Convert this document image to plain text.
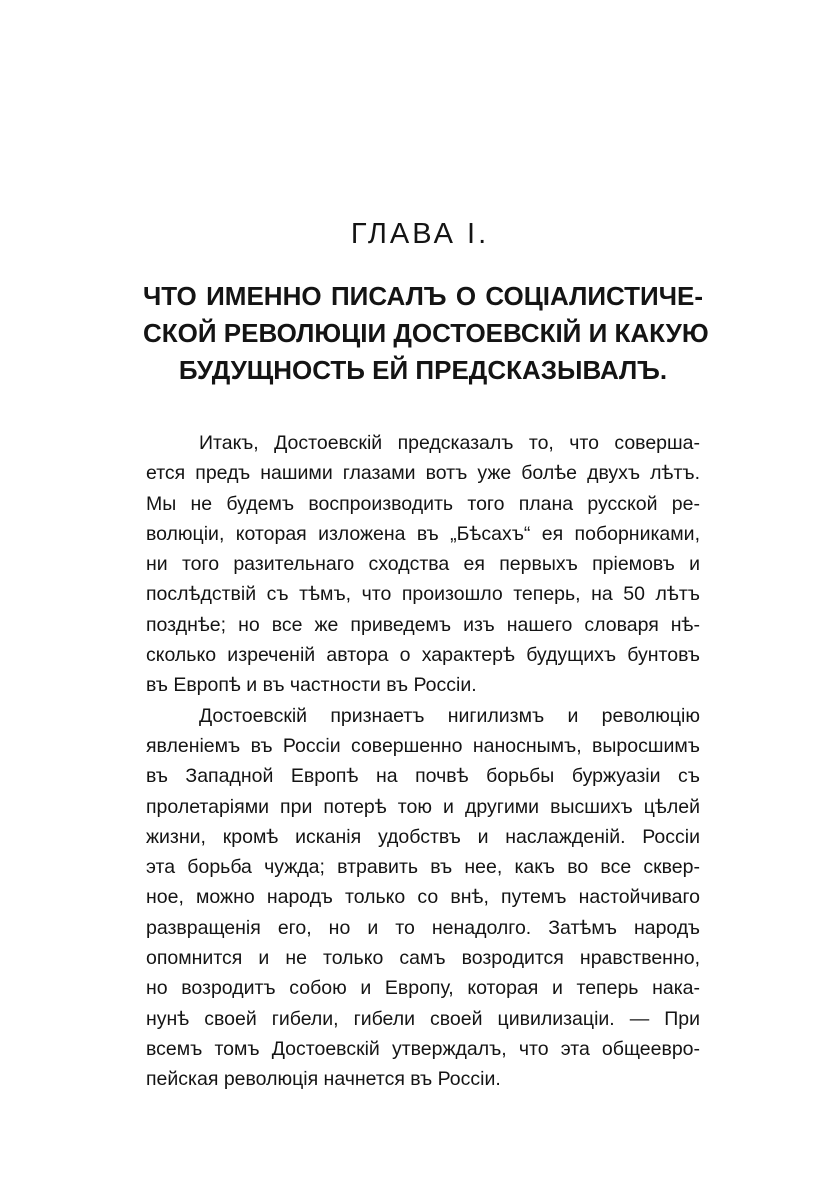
ГЛАВА І.
ЧТО ИМЕННО ПИСАЛЪ О СОЦІАЛИСТИЧЕ-
СКОЙ РЕВОЛЮЦІИ ДОСТОЕВСКІЙ И КАКУЮ
БУДУЩНОСТЬ ЕЙ ПРЕДСКАЗЫВАЛЪ.
Итакъ, Достоевскій предсказалъ то, что соверша-
ется предъ нашими глазами вотъ уже болѣе двухъ лѣтъ.
Мы не будемъ воспроизводить того плана русской ре-
волюціи, которая изложена въ „Бѣсахъ“ ея поборниками,
ни того разительнаго сходства ея первыхъ пріемовъ и
послѣдствій съ тѣмъ, что произошло теперь, на 50 лѣтъ
позднѣе; но все же приведемъ изъ нашего словаря нѣ-
сколько изреченій автора о характерѣ будущихъ бунтовъ
въ Европѣ и въ частности въ Россіи.
Достоевскій признаетъ нигилизмъ и революцію
явленіемъ въ Россіи совершенно наноснымъ, выросшимъ
въ Западной Европѣ на почвѣ борьбы буржуазіи съ
пролетаріями при потерѣ тою и другими высшихъ цѣлей
жизни, кромѣ исканія удобствъ и наслажденій. Россіи
эта борьба чужда; втравить въ нее, какъ во все сквер-
ное, можно народъ только со внѣ, путемъ настойчиваго
развращенія его, но и то ненадолго. Затѣмъ народъ
опомнится и не только самъ возродится нравственно,
но возродитъ собою и Европу, которая и теперь нака-
нунѣ своей гибели, гибели своей цивилизаціи. — При
всемъ томъ Достоевскій утверждалъ, что эта общеевро-
пейская революція начнется въ Россіи.
